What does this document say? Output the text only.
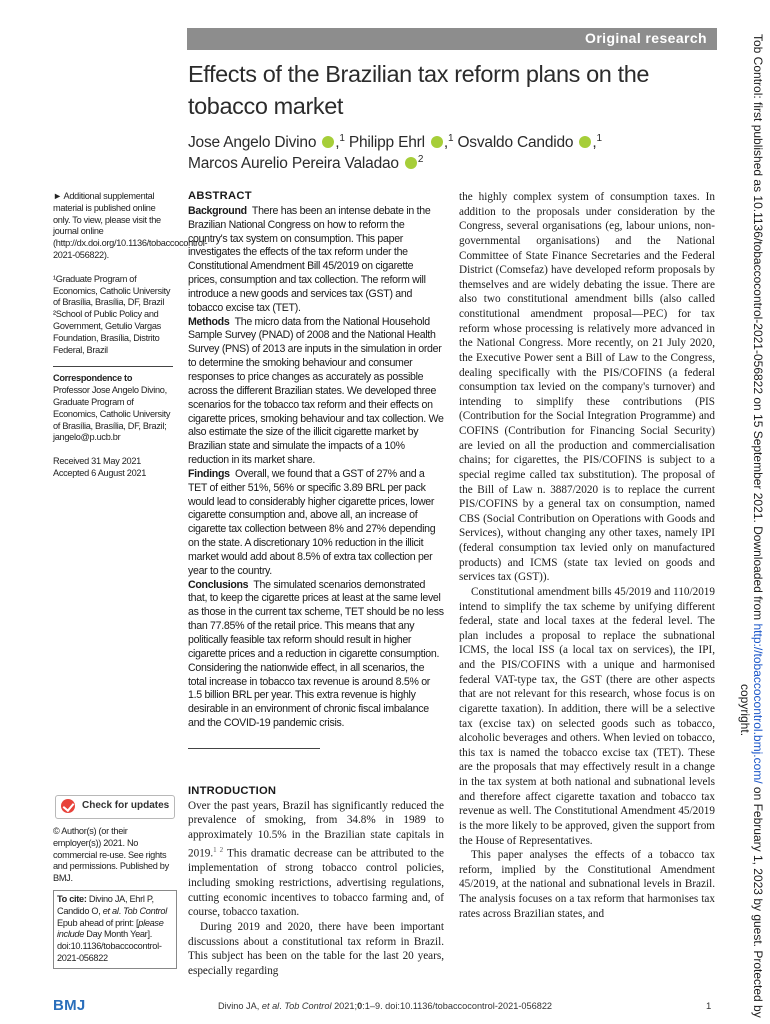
Original research
Effects of the Brazilian tax reform plans on the tobacco market
Jose Angelo Divino ,$^1$ Philipp Ehrl ,$^1$ Osvaldo Candido ,$^1$
Marcos Aurelio Pereira Valadao $^2$

► Additional supplemental material is published online only. To view, please visit the journal online (http://dx.doi.org/10.1136/tobaccocontrol-2021-056822).

¹Graduate Program of Economics, Catholic University of Brasília, Brasília, DF, Brazil

²School of Public Policy and Government, Getulio Vargas Foundation, Brasília, Distrito Federal, Brazil

Correspondence to

Professor Jose Angelo Divino, Graduate Program of Economics, Catholic University of Brasília, Brasília, DF, Brazil; jangelo@p.ucb.br

Received 31 May 2021

Accepted 6 August 2021

Check for updates

© Author(s) (or their employer(s)) 2021. No commercial re-use. See rights and permissions. Published by BMJ.

To cite: Divino JA, Ehrl P, Candido O, et al. Tob Control Epub ahead of print: [please include Day Month Year]. doi:10.1136/tobaccocontrol-2021-056822

ABSTRACT

Background There has been an intense debate in the Brazilian National Congress on how to reform the country's tax system on consumption. This paper investigates the effects of the tax reform under the Constitutional Amendment Bill 45/2019 on cigarette prices, consumption and tax collection. The reform will introduce a new goods and services tax (GST) and tobacco excise tax (TET).

Methods The micro data from the National Household Sample Survey (PNAD) of 2008 and the National Health Survey (PNS) of 2013 are inputs in the simulation in order to determine the smoking behaviour and consumer responses to price changes as accurately as possible across the different Brazilian states. We developed three scenarios for the tobacco tax reform and their effects on cigarette prices, smoking behaviour and tax collection. We also estimate the size of the illicit cigarette market by Brazilian state and simulate the impacts of a 10% reduction in its market share.

Findings Overall, we found that a GST of 27% and a TET of either 51%, 56% or specific 3.89 BRL per pack would lead to considerably higher cigarette prices, lower cigarette consumption and, above all, an increase of cigarette tax collection between 8% and 27% depending on the state. A discretionary 10% reduction in the illicit market would add about 8.5% of extra tax collection per year to the country.

Conclusions The simulated scenarios demonstrated that, to keep the cigarette prices at least at the same level as those in the current tax scheme, TET should be no less than 77.85% of the retail price. This means that any politically feasible tax reform should result in higher cigarette prices and a reduction in cigarette consumption. Considering the nationwide effect, in all scenarios, the total increase in tobacco tax revenue is around 8.5% or 1.5 billion BRL per year. This extra revenue is highly desirable in an environment of chronic fiscal imbalance and the COVID-19 pandemic crisis.

INTRODUCTION

Over the past years, Brazil has significantly reduced the prevalence of smoking, from 34.8% in 1989 to approximately 10.5% in the Brazilian state capitals in 2019.$^{1 2}$ This dramatic decrease can be attributed to the implementation of strong tobacco control policies, including smoking restrictions, advertising regulations, cutting economic incentives to tobacco farming and, of course, tobacco taxation.

During 2019 and 2020, there have been important discussions about a constitutional tax reform in Brazil. This subject has been on the table for the last 20 years, especially regarding

the highly complex system of consumption taxes. In addition to the proposals under consideration by the Congress, several organisations (eg, labour unions, non-governmental organisations) and the National Committee of State Finance Secretaries and the Federal District (Comsefaz) have developed reform proposals by themselves and are widely debating the issue. There are also two constitutional amendment bills (also called constitutional amendment proposal—PEC) for tax reform whose processing is relatively more advanced in the National Congress. More recently, on 21 July 2020, the Executive Power sent a Bill of Law to the Congress, dealing specifically with the PIS/COFINS (a federal consumption tax levied on the company's turnover) and intending to simplify these contributions (PIS (Contribution for the Social Integration Programme) and COFINS (Contribution for Financing Social Security) are levied on all the production and commercialisation chains; for cigarettes, the PIS/COFINS is subject to a special regime called tax substitution). The proposal of the Bill of Law n. 3887/2020 is to replace the current PIS/COFINS by a general tax on consumption, named CBS (Social Contribution on Operations with Goods and Services), without changing any other taxes, namely IPI (federal consumption tax levied only on manufactured products) and ICMS (state tax levied on goods and services tax (GST)).

Constitutional amendment bills 45/2019 and 110/2019 intend to simplify the tax scheme by unifying different federal, state and local taxes at the federal level. The plan includes a proposal to replace the subnational ICMS, the local ISS (a local tax on services), the IPI, and the PIS/COFINS with a unique and harmonised federal VAT-type tax, the GST (there are other aspects that are not relevant for this research, whose focus is on cigarette taxation). In addition, there will be a selective tax (excise tax) on selected goods such as tobacco, alcoholic beverages and others. When levied on tobacco, this tax is named the tobacco excise tax (TET). These are the proposals that may effectively result in a change in the tax system at both national and subnational levels and therefore affect cigarette taxation and tobacco tax revenue as well. The Constitutional Amendment 45/2019 is the more likely to be approved, given the support from the House of Representatives.

This paper analyses the effects of a tobacco tax reform, implied by the Constitutional Amendment 45/2019, at the national and subnational levels in Brazil. The analysis focuses on a tax reform that harmonises tax rates across Brazilian states, and

BMJ	Divino JA, et al. Tob Control 2021;0:1–9. doi:10.1136/tobaccocontrol-2021-056822	1
Tob Control: first published as 10.1136/tobaccocontrol-2021-056822 on 15 September 2021. Downloaded from http://tobaccocontrol.bmj.com/ on February 1, 2023 by guest. Protected by
copyright.
